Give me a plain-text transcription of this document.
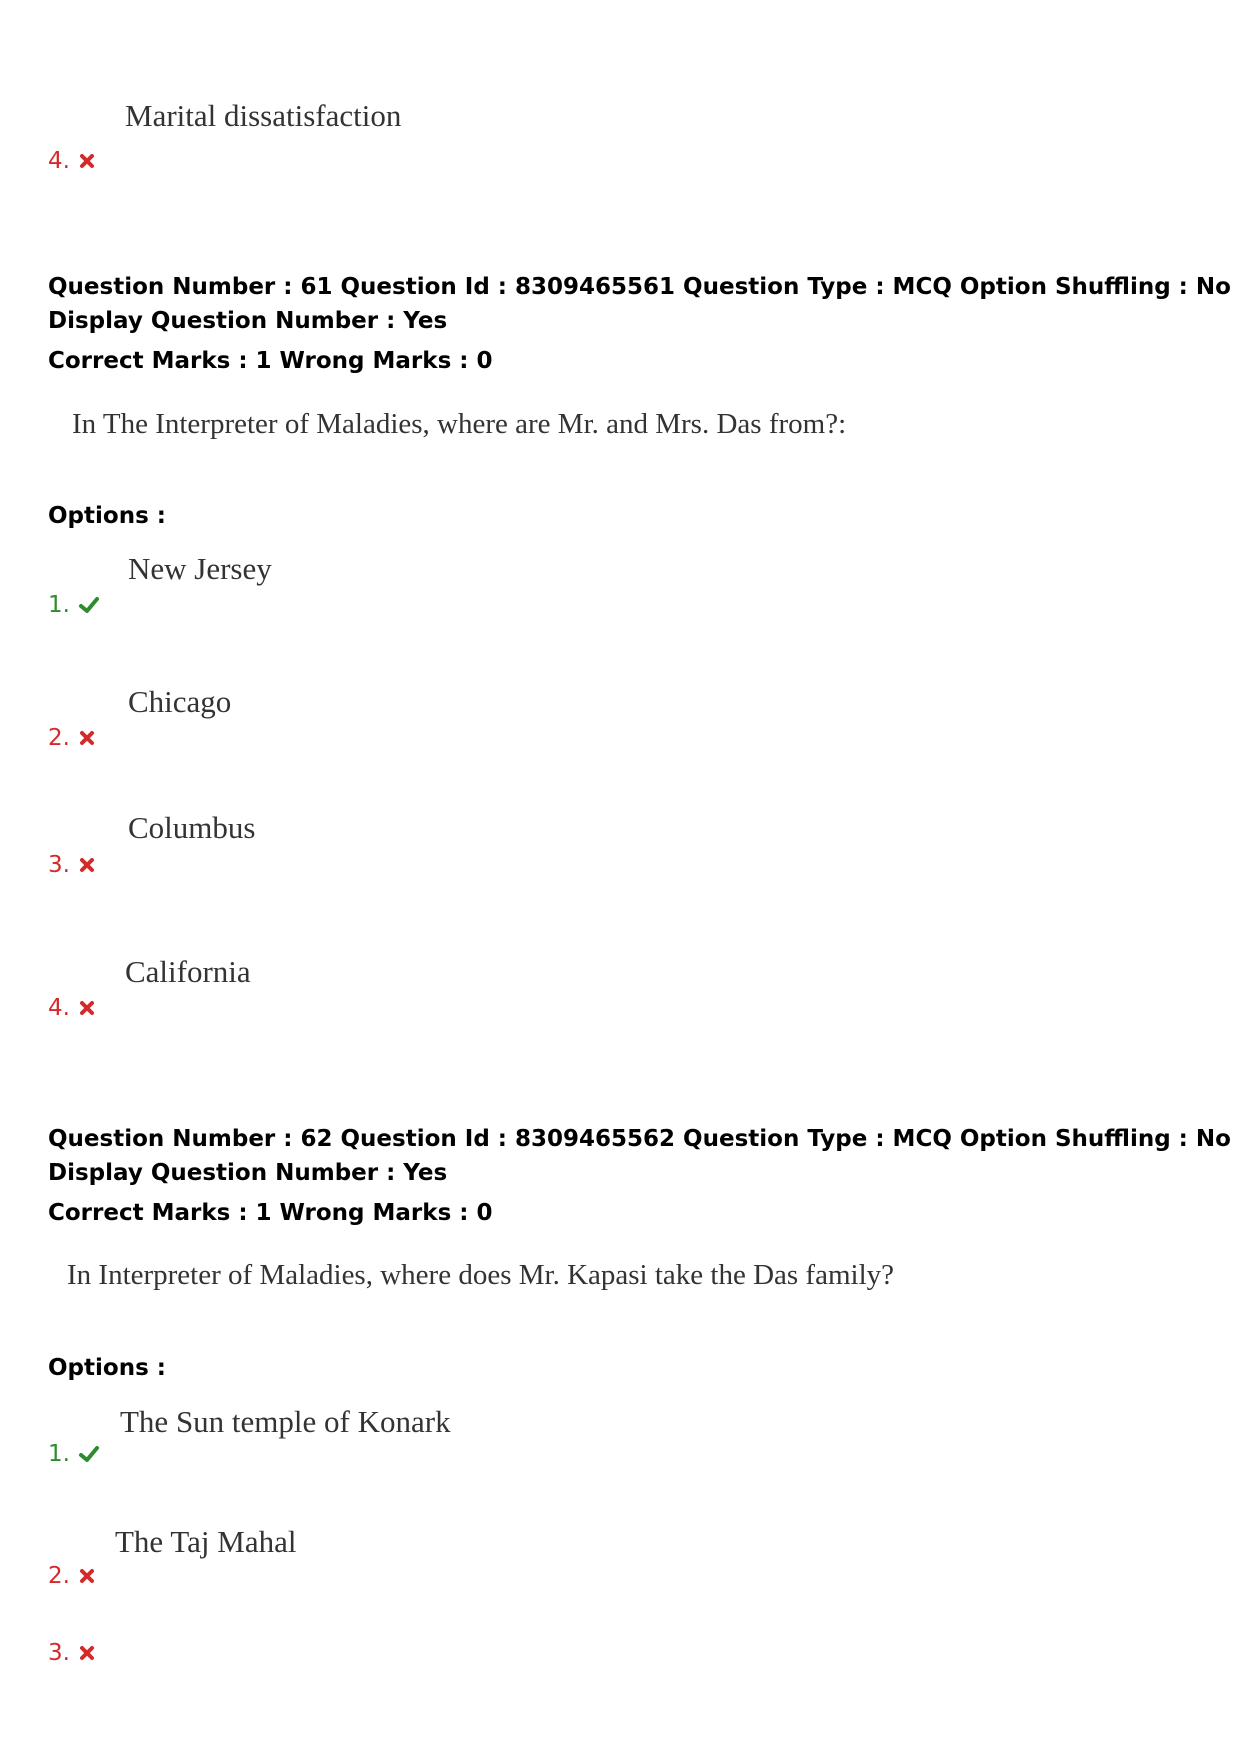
Marital dissatisfaction
4.
Question Number : 61 Question Id : 8309465561 Question Type : MCQ Option Shuffling : No
Display Question Number : Yes
Correct Marks : 1 Wrong Marks : 0
In The Interpreter of Maladies, where are Mr. and Mrs. Das from?:
Options :
New Jersey
1.
Chicago
2.
Columbus
3.
California
4.
Question Number : 62 Question Id : 8309465562 Question Type : MCQ Option Shuffling : No
Display Question Number : Yes
Correct Marks : 1 Wrong Marks : 0
In Interpreter of Maladies, where does Mr. Kapasi take the Das family?
Options :
The Sun temple of Konark
1.
The Taj Mahal
2.
3.
